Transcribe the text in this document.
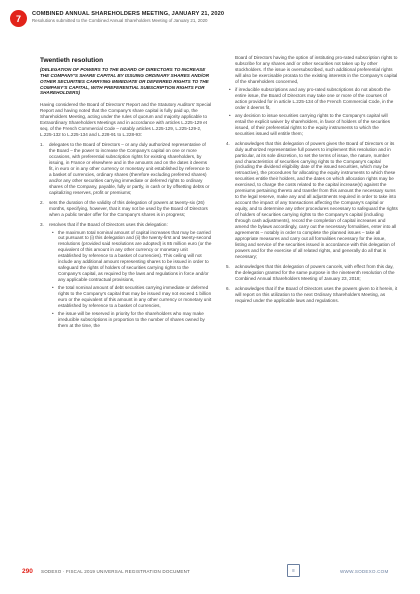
7	COMBINED ANNUAL SHAREHOLDERS MEETING, JANUARY 21, 2020
Resolutions submitted to the Combined Annual Shareholders Meeting of January 21, 2020
Twentieth resolution
(DELEGATION OF POWERS TO THE BOARD OF DIRECTORS TO INCREASE THE COMPANY’S SHARE CAPITAL BY ISSUING ORDINARY SHARES AND/OR OTHER SECURITIES CARRYING IMMEDIATE OR DEFERRED RIGHTS TO THE COMPANY’S CAPITAL, WITH PREFERENTIAL SUBSCRIPTION RIGHTS FOR SHAREHOLDERS)

Having considered the Board of Directors’ Report and the Statutory Auditors’ Special Report and having noted that the Company’s share capital is fully paid up, the Shareholders Meeting, acting under the rules of quorum and majority applicable to Extraordinary Shareholders Meetings and in accordance with articles L.225-129 et seq. of the French Commercial Code – notably articles L.225-129, L.225-129-2, L.225-132 to L.225-134 and L.228-91 to L.228-93:

1. delegates to the Board of Directors – or any duly authorized representative of the Board – the power to increase the Company’s capital on one or more occasions, with preferential subscription rights for existing shareholders, by issuing, in France or elsewhere and in the amounts and on the dates it deems fit, in euro or in any other currency or monetary unit established by reference to a basket of currencies, ordinary shares (therefore excluding preferred shares) and/or any other securities carrying immediate or deferred rights to ordinary shares of the Company, payable, fully or partly, in cash or by offsetting debts or capitalizing reserves, profit or premiums;
2. sets the duration of the validity of this delegation of powers at twenty-six (26) months, specifying, however, that it may not be used by the Board of Directors when a public tender offer for the Company’s shares is in progress;
3. resolves that if the Board of Directors uses this delegation:
• the maximum total nominal amount of capital increases that may be carried out pursuant to (i) this delegation and (ii) the twenty-first and twenty-second resolutions (provided said resolutions are adopted) is 85 million euro (or the equivalent of this amount in any other currency or monetary unit established by reference to a basket of currencies). This ceiling will not include any additional amount representing shares to be issued in order to safeguard the rights of holders of securities carrying rights to the Company’s capital, as required by the laws and regulations in force and/or any applicable contractual provisions,
• the total nominal amount of debt securities carrying immediate or deferred rights to the Company’s capital that may be issued may not exceed 1 billion euro or the equivalent of this amount in any other currency or monetary unit established by reference to a basket of currencies,
• the issue will be reserved in priority for the shareholders who may make irreducible subscriptions in proportion to the number of shares owned by them at the time, the

Board of Directors having the option of instituting pro-rated subscription rights to subscribe for any shares and/ or other securities not taken up by other stockholders. If the issue is oversubscribed, such additional preferential rights will also be exercisable prorata to the existing interests in the Company’s capital of the shareholders concerned,

• if irreducible subscriptions and any pro-rated subscriptions do not absorb the entire issue, the Board of Directors may take one or more of the courses of action provided for in article L.225-134 of the French Commercial Code, in the order it deems fit,
• any decision to issue securities carrying rights to the Company’s capital will entail the explicit waiver by shareholders, in favor of holders of the securities issued, of their preferential rights to the equity instruments to which the securities issued will entitle them;
4. acknowledges that this delegation of powers gives the Board of Directors or its duly authorized representative full powers to implement this resolution and in particular, at its sole discretion, to set the terms of issue, the nature, number and characteristics of securities carrying rights to the Company’s capital (including the dividend eligibility date of the issued securities, which may be retroactive), the procedures for allocating the equity instruments to which these securities entitle their holders, and the dates on which allocation rights may be exercised, to charge the costs related to the capital increase(s) against the premiums pertaining thereto and transfer from this amount the necessary sums to the legal reserve, make any and all adjustments required in order to take into account the impact of any transactions affecting the Company’s capital or equity, and to determine any other procedures necessary to safeguard the rights of holders of securities carrying rights to the Company’s capital (including through cash adjustments), record the completion of capital increases and amend the bylaws accordingly, carry out the necessary formalities, enter into all agreements – notably in order to complete the planned issues – take all appropriate measures and carry out all formalities necessary for the issue, listing and service of the securities issued in accordance with this delegation of powers and for the exercise of all related rights, and generally do all that is necessary;
5. acknowledges that this delegation of powers cancels, with effect from this day, the delegation granted for the same purpose in the nineteenth resolution of the Combined Annual Shareholders Meeting of January 23, 2018;
6. acknowledges that if the Board of Directors uses the powers given to it herein, it will report on this utilization to the next Ordinary Shareholders Meeting, as required under the applicable laws and regulations.
290 SODEXO · FISCAL 2019 UNIVERSAL REGISTRATION DOCUMENT	≡	WWW.SODEXO.COM
